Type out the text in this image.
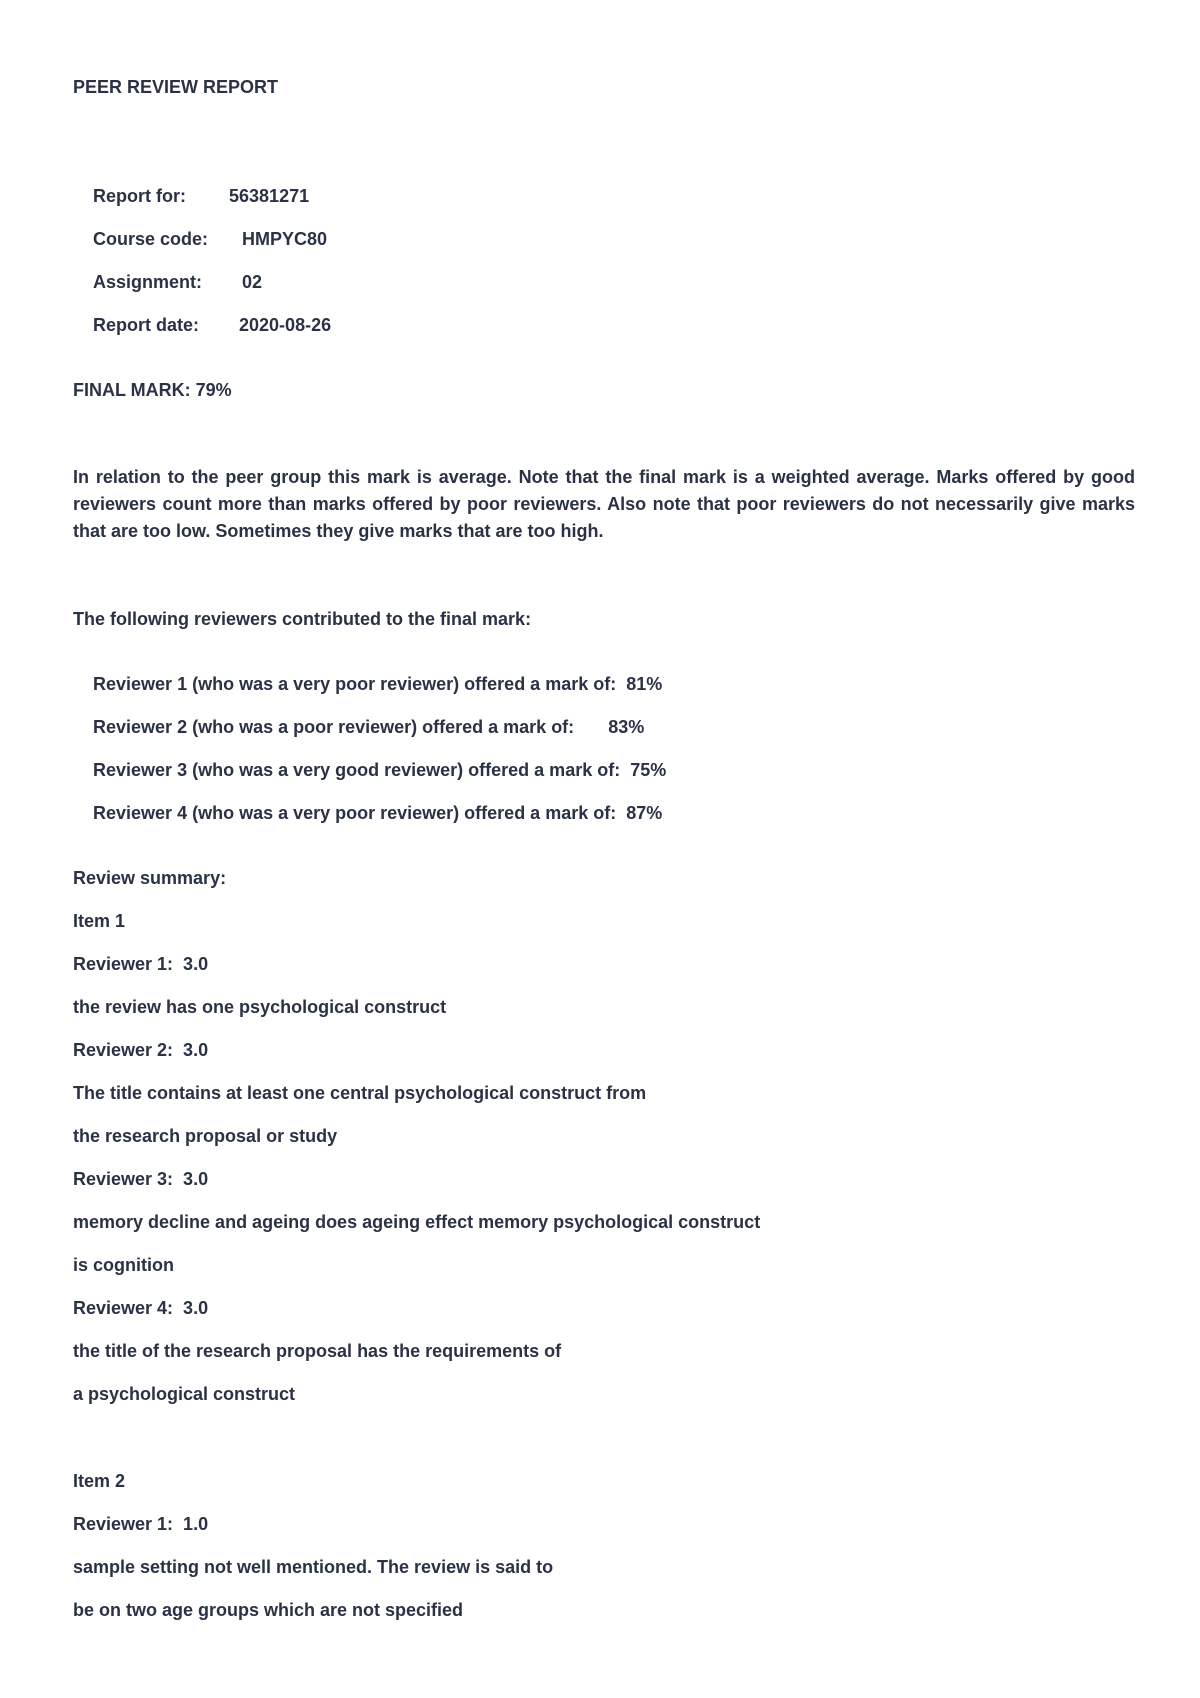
PEER REVIEW REPORT

Report for: 56381271

Course code: HMPYC80

Assignment: 02

Report date: 2020-08-26

FINAL MARK: 79%
In relation to the peer group this mark is average. Note that the final mark is a weighted average. Marks offered by good reviewers count more than marks offered by poor reviewers. Also note that poor reviewers do not necessarily give marks that are too low. Sometimes they give marks that are too high.
The following reviewers contributed to the final mark:

Reviewer 1 (who was a very poor reviewer) offered a mark of: 81%

Reviewer 2 (who was a poor reviewer) offered a mark of: 83%

Reviewer 3 (who was a very good reviewer) offered a mark of: 75%

Reviewer 4 (who was a very poor reviewer) offered a mark of: 87%

Review summary:
Item 1
Reviewer 1:  3.0
the review has one psychological construct
Reviewer 2:  3.0
The title contains at least one central psychological construct from
the research proposal or study
Reviewer 3:  3.0
memory decline and ageing does ageing effect memory psychological construct
is cognition
Reviewer 4:  3.0
the title of the research proposal has the requirements of
a psychological construct
Item 2
Reviewer 1:  1.0
sample setting not well mentioned. The review is said to
be on two age groups which are not specified
